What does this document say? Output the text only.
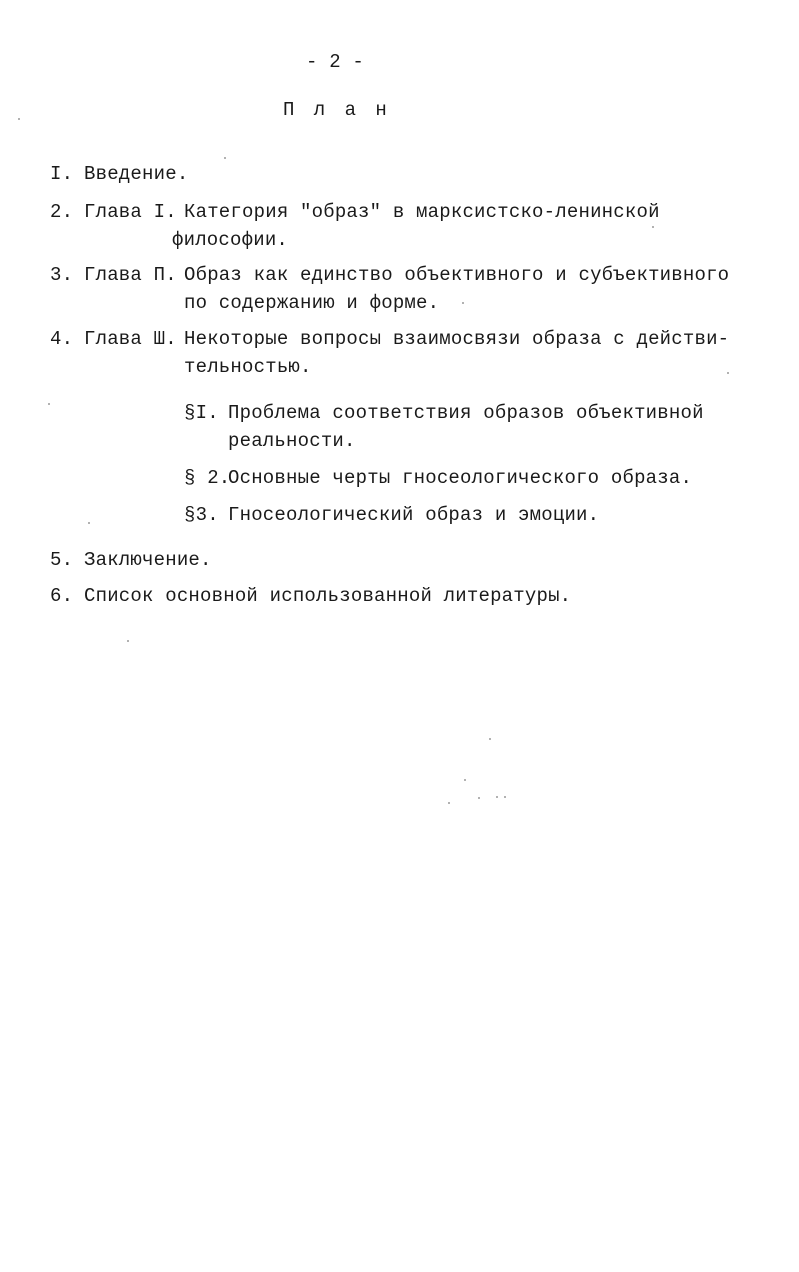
- 2 -
П л а н
I. Введение.
2. Глава I. Категория "образ" в марксистско-ленинской
философии.
3. Глава П. Образ как единство объективного и субъективного
по содержанию и форме.
4. Глава Ш. Некоторые вопросы взаимосвязи образа с действи-
тельностью.
§I. Проблема соответствия образов объективной
реальности.
§ 2.
Основные черты гносеологического образа.
§3. Гносеологический образ и эмоции.
5. Заключение.
6. Список основной использованной литературы.
